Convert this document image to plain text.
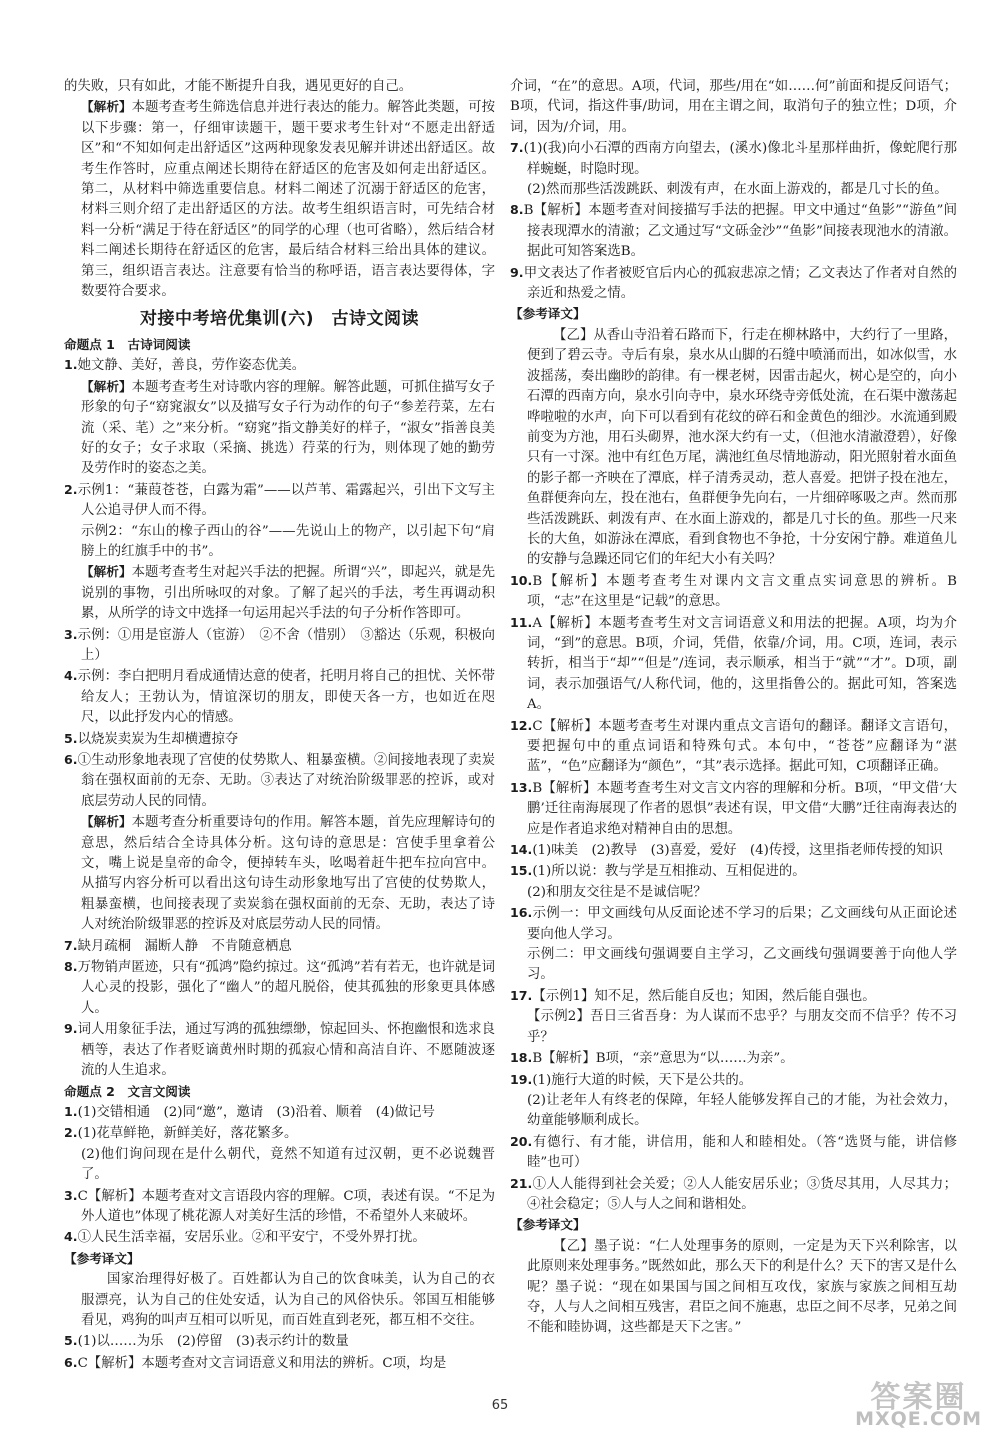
的失败，只有如此，才能不断提升自我，遇见更好的自己。

【解析】本题考查考生筛选信息并进行表达的能力。解答此类题，可按以下步骤：第一，仔细审读题干，题干要求考生针对“不愿走出舒适区”和“不知如何走出舒适区”这两种现象发表见解并讲述出舒适区。故考生作答时，应重点阐述长期待在舒适区的危害及如何走出舒适区。第二，从材料中筛选重要信息。材料二阐述了沉溺于舒适区的危害，材料三则介绍了走出舒适区的方法。故考生组织语言时，可先结合材料一分析“满足于待在舒适区”的同学的心理（也可省略），然后结合材料二阐述长期待在舒适区的危害，最后结合材料三给出具体的建议。第三，组织语言表达。注意要有恰当的称呼语，语言表达要得体，字数要符合要求。

对接中考培优集训(六)　古诗文阅读

命题点 1　古诗词阅读

1.她文静、美好，善良，劳作姿态优美。

【解析】本题考查考生对诗歌内容的理解。解答此题，可抓住描写女子形象的句子“窈窕淑女”以及描写女子行为动作的句子“参差荇菜，左右流（采、芼）之”来分析。“窈窕”指文静美好的样子，“淑女”指善良美好的女子；女子求取（采摘、挑选）荇菜的行为，则体现了她的勤劳及劳作时的姿态之美。

2.示例1：“蒹葭苍苍，白露为霜”——以芦苇、霜露起兴，引出下文写主人公追寻伊人而不得。

示例2：“东山的橡子西山的谷”——先说山上的物产，以引起下句“肩膀上的红旗手中的书”。

【解析】本题考查考生对起兴手法的把握。所谓“兴”，即起兴，就是先说别的事物，引出所咏叹的对象。了解了起兴的手法，考生再调动积累，从所学的诗文中选择一句运用起兴手法的句子分析作答即可。

3.示例：①用是宦游人（宦游）　②不舍（惜别）　③豁达（乐观，积极向上）

4.示例：李白把明月看成通情达意的使者，托明月将自己的担忧、关怀带给友人；王勃认为，情谊深切的朋友，即使天各一方，也如近在咫尺，以此抒发内心的情感。

5.以烧炭卖炭为生却横遭掠夺

6.①生动形象地表现了宫使的仗势欺人、粗暴蛮横。②间接地表现了卖炭翁在强权面前的无奈、无助。③表达了对统治阶级罪恶的控诉，或对底层劳动人民的同情。

【解析】本题考查分析重要诗句的作用。解答本题，首先应理解诗句的意思，然后结合全诗具体分析。这句诗的意思是：宫使手里拿着公文，嘴上说是皇帝的命令，便掉转车头，吆喝着赶牛把车拉向宫中。从描写内容分析可以看出这句诗生动形象地写出了宫使的仗势欺人，粗暴蛮横，也间接表现了卖炭翁在强权面前的无奈、无助，表达了诗人对统治阶级罪恶的控诉及对底层劳动人民的同情。

7.缺月疏桐　漏断人静　不肯随意栖息

8.万物销声匿迹，只有“孤鸿”隐约掠过。这“孤鸿”若有若无，也许就是词人心灵的投影，强化了“幽人”的超凡脱俗，使其孤独的形象更具体感人。

9.词人用象征手法，通过写鸿的孤独缥缈，惊起回头、怀抱幽恨和选求良栖等，表达了作者贬谪黄州时期的孤寂心情和高洁自许、不愿随波逐流的人生追求。

命题点 2　文言文阅读

1.(1)交错相通　(2)同“邀”，邀请　(3)沿着、顺着　(4)做记号

2.(1)花草鲜艳，新鲜美好，落花繁多。

(2)他们询问现在是什么朝代，竟然不知道有过汉朝，更不必说魏晋了。

3.C【解析】本题考查对文言语段内容的理解。C项，表述有误。“不足为外人道也”体现了桃花源人对美好生活的珍惜，不希望外人来破坏。

4.①人民生活幸福，安居乐业。②和平安宁，不受外界打扰。

【参考译文】

国家治理得好极了。百姓都认为自己的饮食味美，认为自己的衣服漂亮，认为自己的住处安适，认为自己的风俗快乐。邻国互相能够看见，鸡狗的叫声互相可以听见，而百姓直到老死，都互相不交往。

5.(1)以……为乐　(2)停留　(3)表示约计的数量

6.C【解析】本题考查对文言词语意义和用法的辨析。C项，均是

介词，“在”的意思。A项，代词，那些/用在“如……何”前面和提反问语气；B项，代词，指这件事/助词，用在主谓之间，取消句子的独立性；D项，介词，因为/介词，用。

7.(1)(我)向小石潭的西南方向望去，(溪水)像北斗星那样曲折，像蛇爬行那样蜿蜒，时隐时现。

(2)然而那些活泼跳跃、刺泼有声，在水面上游戏的，都是几寸长的鱼。

8.B【解析】本题考查对间接描写手法的把握。甲文中通过“鱼影”“游鱼”间接表现潭水的清澈；乙文通过写“文砾金沙”“鱼影”间接表现池水的清澈。据此可知答案选B。

9.甲文表达了作者被贬官后内心的孤寂悲凉之情；乙文表达了作者对自然的亲近和热爱之情。

【参考译文】

【乙】从香山寺沿着石路而下，行走在柳林路中，大约行了一里路，便到了碧云寺。寺后有泉，泉水从山脚的石缝中喷涌而出，如冰似雪，水波摇荡，奏出幽眇的韵律。有一棵老树，因雷击起火，树心是空的，向小石潭的西南方向，泉水引向寺中，泉水环绕寺旁低处流，在石渠中激荡起哗啦啦的水声，向下可以看到有花纹的碎石和金黄色的细沙。水流通到殿前变为方池，用石头砌界，池水深大约有一丈，（但池水清澈澄碧），好像只有一寸深。池中有红色万尾，满池红鱼尽情地游动，阳光照射着水面鱼的影子都一齐映在了潭底，样子清秀灵动，惹人喜爱。把饼子投在池左，鱼群便奔向左，投在池右，鱼群便争先向右，一片细碎啄吸之声。然而那些活泼跳跃、刺泼有声、在水面上游戏的，都是几寸长的鱼。那些一尺来长的大鱼，如游泳在潭底，看到食物也不争抢，十分安闲宁静。难道鱼儿的安静与急躁还同它们的年纪大小有关吗？

10.B【解析】本题考查考生对课内文言文重点实词意思的辨析。B项，“志”在这里是“记载”的意思。

11.A【解析】本题考查考生对文言词语意义和用法的把握。A项，均为介词，“到”的意思。B项，介词，凭借，依靠/介词，用。C项，连词，表示转折，相当于“却”“但是”/连词，表示顺承，相当于“就”“才”。D项，副词，表示加强语气/人称代词，他的，这里指鲁公的。据此可知，答案选A。

12.C【解析】本题考查考生对课内重点文言语句的翻译。翻译文言语句，要把握句中的重点词语和特殊句式。本句中，“苍苍”应翻译为“湛蓝”，“色”应翻译为“颜色”，“其”表示选择。据此可知，C项翻译正确。

13.B【解析】本题考查考生对文言文内容的理解和分析。B项，“甲文借‘大鹏’迁往南海展现了作者的恩惧”表述有误，甲文借“大鹏”迁往南海表达的应是作者追求绝对精神自由的思想。

14.(1)味美　(2)教导　(3)喜爱，爱好　(4)传授，这里指老师传授的知识

15.(1)所以说：教与学是互相推动、互相促进的。

(2)和朋友交往是不是诚信呢？

16.示例一：甲文画线句从反面论述不学习的后果；乙文画线句从正面论述要向他人学习。

示例二：甲文画线句强调要自主学习，乙文画线句强调要善于向他人学习。

17.【示例1】知不足，然后能自反也；知困，然后能自强也。

【示例2】吾日三省吾身：为人谋而不忠乎？与朋友交而不信乎？传不习乎？

18.B【解析】B项，“亲”意思为“以……为亲”。

19.(1)施行大道的时候，天下是公共的。

(2)让老年人有终老的保障，年轻人能够发挥自己的才能，为社会效力，幼童能够顺利成长。

20.有德行、有才能，讲信用，能和人和睦相处。（答“选贤与能，讲信修睦”也可）

21.①人人能得到社会关爱；②人人能安居乐业；③货尽其用，人尽其力；④社会稳定；⑤人与人之间和谐相处。

【参考译文】

【乙】墨子说：“仁人处理事务的原则，一定是为天下兴利除害，以此原则来处理事务。”既然如此，那么天下的利是什么？天下的害又是什么呢？墨子说：“现在如果国与国之间相互攻伐，家族与家族之间相互劫夺，人与人之间相互残害，君臣之间不施惠，忠臣之间不尽孝，兄弟之间不能和睦协调，这些都是天下之害。”

65	答案圈
MXQE.COM
